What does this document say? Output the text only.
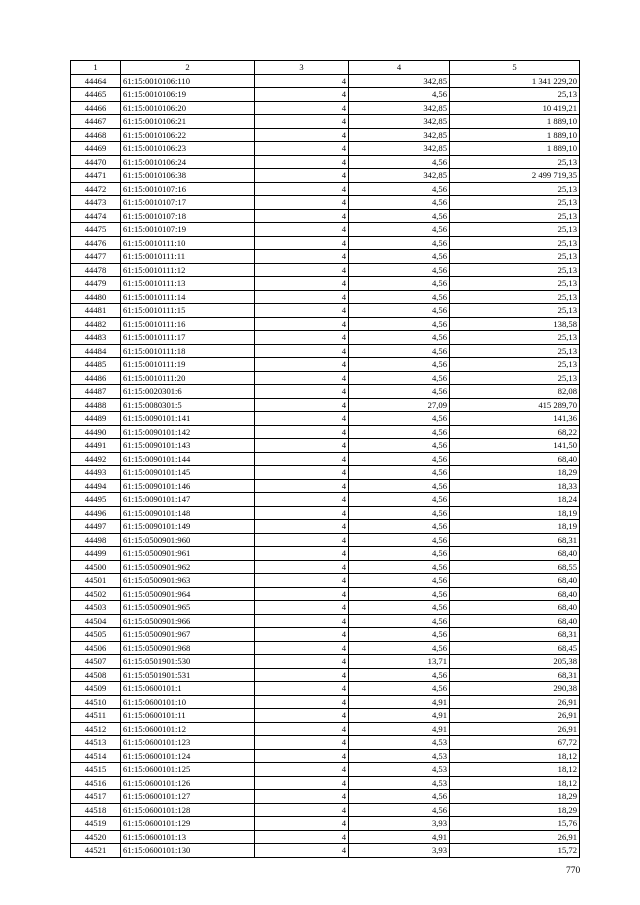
1	2	3	4	5
44464	61:15:0010106:110	4	342,85	1 341 229,20
44465	61:15:0010106:19	4	4,56	25,13
44466	61:15:0010106:20	4	342,85	10 419,21
44467	61:15:0010106:21	4	342,85	1 889,10
44468	61:15:0010106:22	4	342,85	1 889,10
44469	61:15:0010106:23	4	342,85	1 889,10
44470	61:15:0010106:24	4	4,56	25,13
44471	61:15:0010106:38	4	342,85	2 499 719,35
44472	61:15:0010107:16	4	4,56	25,13
44473	61:15:0010107:17	4	4,56	25,13
44474	61:15:0010107:18	4	4,56	25,13
44475	61:15:0010107:19	4	4,56	25,13
44476	61:15:0010111:10	4	4,56	25,13
44477	61:15:0010111:11	4	4,56	25,13
44478	61:15:0010111:12	4	4,56	25,13
44479	61:15:0010111:13	4	4,56	25,13
44480	61:15:0010111:14	4	4,56	25,13
44481	61:15:0010111:15	4	4,56	25,13
44482	61:15:0010111:16	4	4,56	138,58
44483	61:15:0010111:17	4	4,56	25,13
44484	61:15:0010111:18	4	4,56	25,13
44485	61:15:0010111:19	4	4,56	25,13
44486	61:15:0010111:20	4	4,56	25,13
44487	61:15:0020301:6	4	4,56	82,08
44488	61:15:0080301:5	4	27,09	415 289,70
44489	61:15:0090101:141	4	4,56	141,36
44490	61:15:0090101:142	4	4,56	68,22
44491	61:15:0090101:143	4	4,56	141,50
44492	61:15:0090101:144	4	4,56	68,40
44493	61:15:0090101:145	4	4,56	18,29
44494	61:15:0090101:146	4	4,56	18,33
44495	61:15:0090101:147	4	4,56	18,24
44496	61:15:0090101:148	4	4,56	18,19
44497	61:15:0090101:149	4	4,56	18,19
44498	61:15:0500901:960	4	4,56	68,31
44499	61:15:0500901:961	4	4,56	68,40
44500	61:15:0500901:962	4	4,56	68,55
44501	61:15:0500901:963	4	4,56	68,40
44502	61:15:0500901:964	4	4,56	68,40
44503	61:15:0500901:965	4	4,56	68,40
44504	61:15:0500901:966	4	4,56	68,40
44505	61:15:0500901:967	4	4,56	68,31
44506	61:15:0500901:968	4	4,56	68,45
44507	61:15:0501901:530	4	13,71	205,38
44508	61:15:0501901:531	4	4,56	68,31
44509	61:15:0600101:1	4	4,56	290,38
44510	61:15:0600101:10	4	4,91	26,91
44511	61:15:0600101:11	4	4,91	26,91
44512	61:15:0600101:12	4	4,91	26,91
44513	61:15:0600101:123	4	4,53	67,72
44514	61:15:0600101:124	4	4,53	18,12
44515	61:15:0600101:125	4	4,53	18,12
44516	61:15:0600101:126	4	4,53	18,12
44517	61:15:0600101:127	4	4,56	18,29
44518	61:15:0600101:128	4	4,56	18,29
44519	61:15:0600101:129	4	3,93	15,76
44520	61:15:0600101:13	4	4,91	26,91
44521	61:15:0600101:130	4	3,93	15,72
770
